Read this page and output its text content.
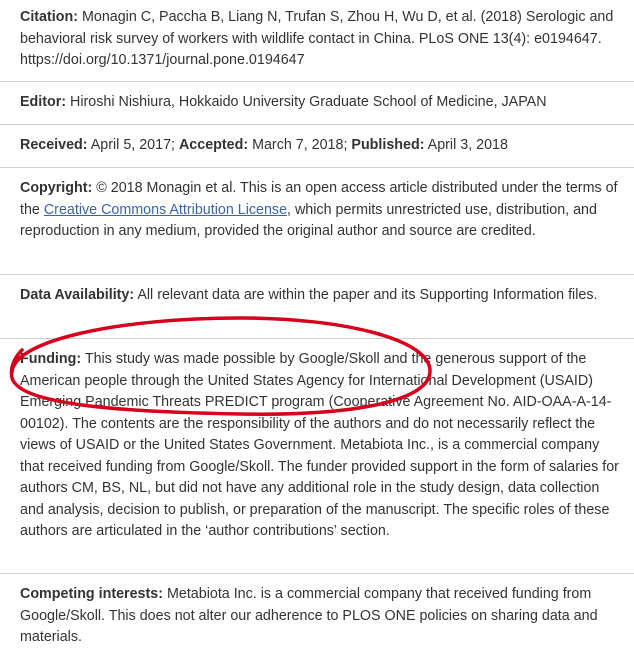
Citation: Monagin C, Paccha B, Liang N, Trufan S, Zhou H, Wu D, et al. (2018) Serologic and behavioral risk survey of workers with wildlife contact in China. PLoS ONE 13(4): e0194647. https://doi.org/10.1371/journal.pone.0194647

Editor: Hiroshi Nishiura, Hokkaido University Graduate School of Medicine, JAPAN

Received: April 5, 2017; Accepted: March 7, 2018; Published: April 3, 2018

Copyright: © 2018 Monagin et al. This is an open access article distributed under the terms of the Creative Commons Attribution License, which permits unrestricted use, distribution, and reproduction in any medium, provided the original author and source are credited.

Data Availability: All relevant data are within the paper and its Supporting Information files.

Funding: This study was made possible by Google/Skoll and the generous support of the American people through the United States Agency for International Development (USAID) Emerging Pandemic Threats PREDICT program (Cooperative Agreement No. AID-OAA-A-14-00102). The contents are the responsibility of the authors and do not necessarily reflect the views of USAID or the United States Government. Metabiota Inc., is a commercial company that received funding from Google/Skoll. The funder provided support in the form of salaries for authors CM, BS, NL, but did not have any additional role in the study design, data collection and analysis, decision to publish, or preparation of the manuscript. The specific roles of these authors are articulated in the ‘author contributions’ section.

Competing interests: Metabiota Inc. is a commercial company that received funding from Google/Skoll. This does not alter our adherence to PLOS ONE policies on sharing data and materials.
